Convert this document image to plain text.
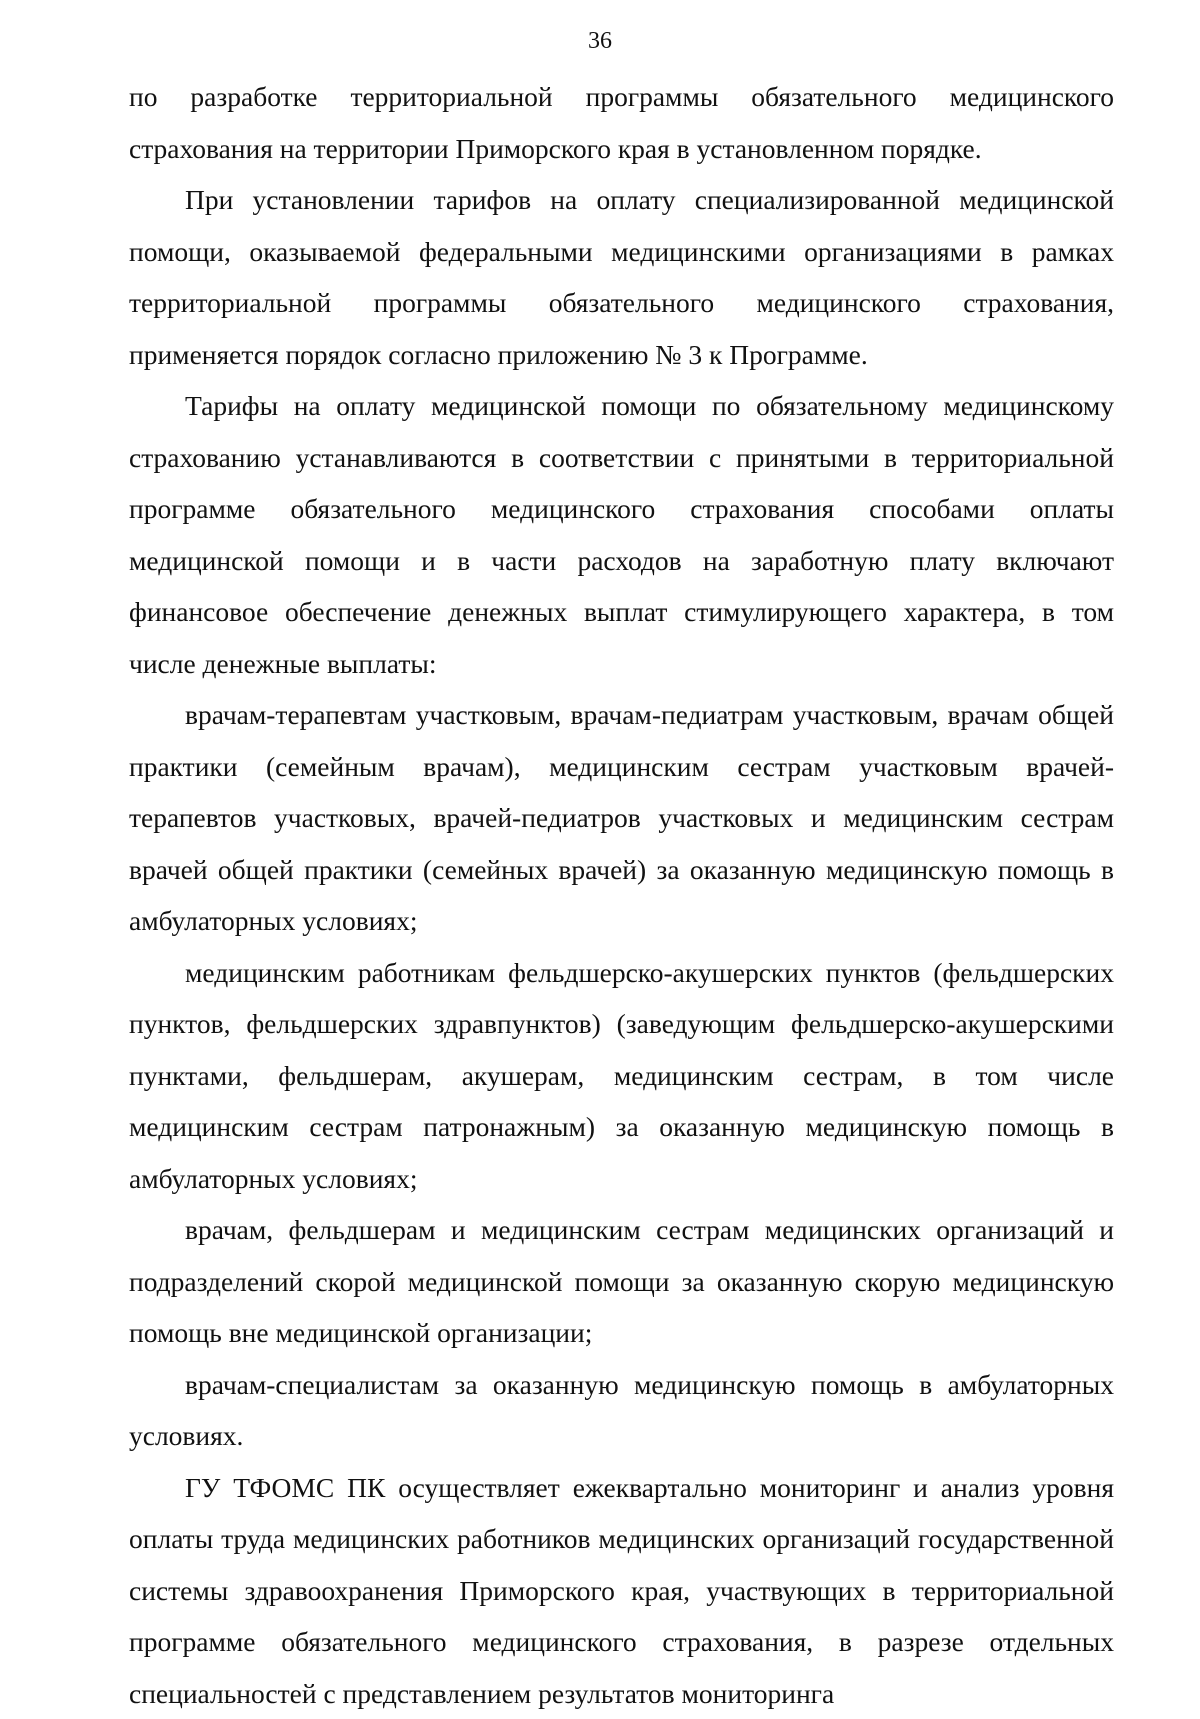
36
по разработке территориальной программы обязательного медицинского страхования на территории Приморского края в установленном порядке.
При установлении тарифов на оплату специализированной медицинской помощи, оказываемой федеральными медицинскими организациями в рамках территориальной программы обязательного медицинского страхования, применяется порядок согласно приложению № 3 к Программе.
Тарифы на оплату медицинской помощи по обязательному медицинскому страхованию устанавливаются в соответствии с принятыми в территориальной программе обязательного медицинского страхования способами оплаты медицинской помощи и в части расходов на заработную плату включают финансовое обеспечение денежных выплат стимулирующего характера, в том числе денежные выплаты:
врачам-терапевтам участковым, врачам-педиатрам участковым, врачам общей практики (семейным врачам), медицинским сестрам участковым врачей- терапевтов участковых, врачей-педиатров участковых и медицинским сестрам врачей общей практики (семейных врачей) за оказанную медицинскую помощь в амбулаторных условиях;
медицинским работникам фельдшерско-акушерских пунктов (фельдшерских пунктов, фельдшерских здравпунктов) (заведующим фельдшерско-акушерскими пунктами, фельдшерам, акушерам, медицинским сестрам, в том числе медицинским сестрам патронажным) за оказанную медицинскую помощь в амбулаторных условиях;
врачам, фельдшерам и медицинским сестрам медицинских организаций и подразделений скорой медицинской помощи за оказанную скорую медицинскую помощь вне медицинской организации;
врачам-специалистам за оказанную медицинскую помощь в амбулаторных условиях.
ГУ ТФОМС ПК осуществляет ежеквартально мониторинг и анализ уровня оплаты труда медицинских работников медицинских организаций государственной системы здравоохранения Приморского края, участвующих в территориальной программе обязательного медицинского страхования, в разрезе отдельных специальностей с представлением результатов мониторинга
